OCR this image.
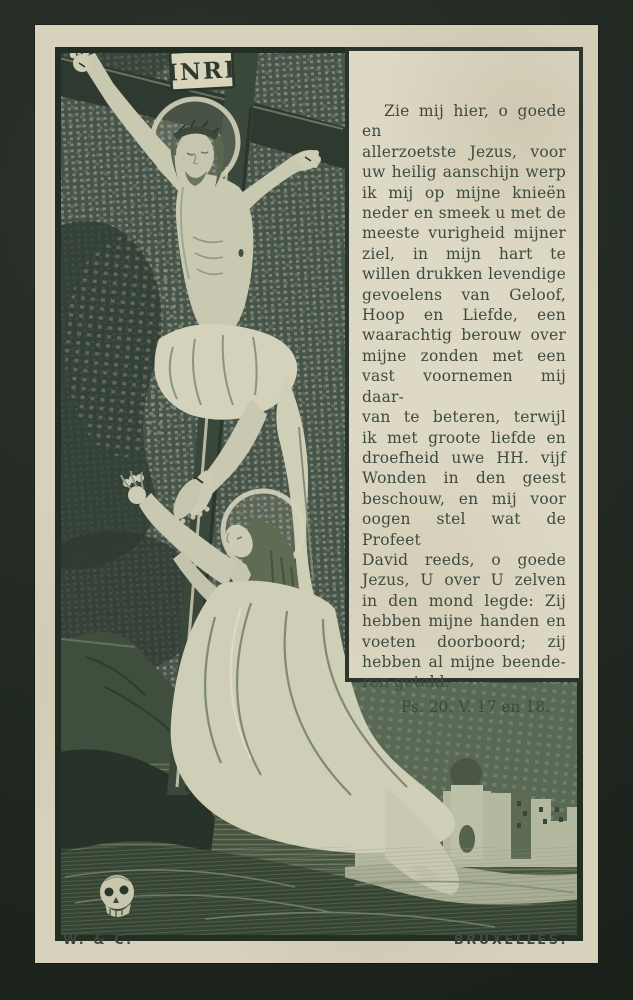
INRI
Zie mij hier, o goede en
allerzoetste Jezus, voor
uw heilig aanschijn werp
ik mij op mijne knieën
neder en smeek u met de
meeste vurigheid mijner
ziel, in mijn hart te
willen drukken levendige
gevoelens van Geloof,
Hoop en Liefde, een
waarachtig berouw over
mijne zonden met een
vast voornemen mij daar-
van te beteren, terwijl
ik met groote liefde en
droefheid uwe HH. vijf
Wonden in den geest
beschouw, en mij voor
oogen stel wat de Profeet
David reeds, o goede
Jezus, U over U zelven
in den mond legde: Zij
hebben mijne handen en
voeten doorboord; zij
hebben al mijne beende-
ren geteld.
Ps. 20. V. 17 en 18.
W. & C.	BRUXELLES.
